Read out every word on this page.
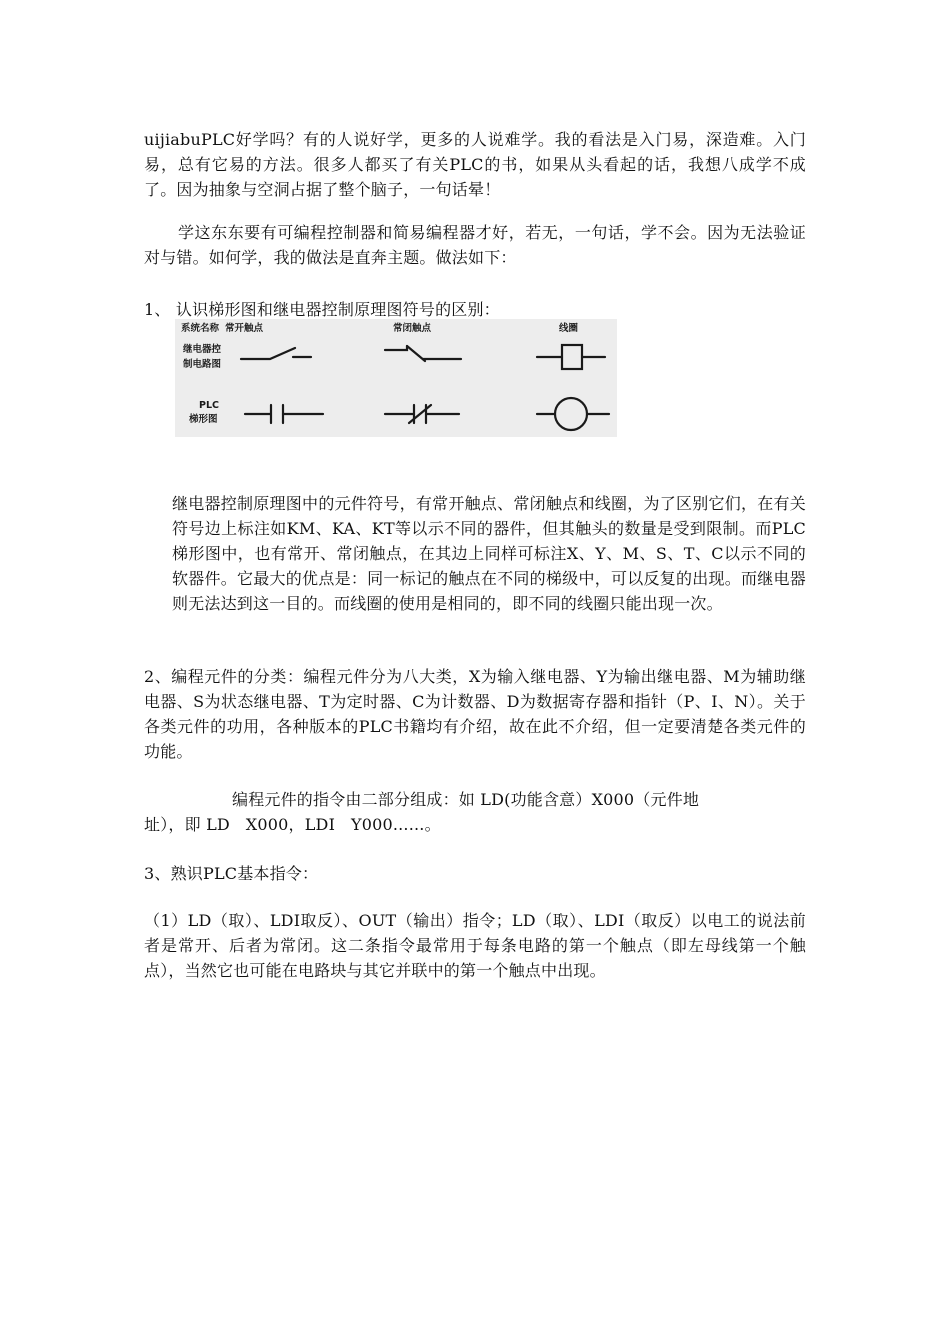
uijiabuPLC好学吗？有的人说好学，更多的人说难学。我的看法是入门易，深造难。入门易，总有它易的方法。很多人都买了有关PLC的书，如果从头看起的话，我想八成学不成了。因为抽象与空洞占据了整个脑子，一句话晕！

学这东东要有可编程控制器和简易编程器才好，若无，一句话，学不会。因为无法验证对与错。如何学，我的做法是直奔主题。做法如下：

1、 认识梯形图和继电器控制原理图符号的区别：

系统名称 常开触点	常闭触点	线圈
继电器控
制电路图
PLC
梯形图

继电器控制原理图中的元件符号，有常开触点、常闭触点和线圈，为了区别它们，在有关符号边上标注如KM、KA、KT等以示不同的器件，但其触头的数量是受到限制。而PLC梯形图中，也有常开、常闭触点，在其边上同样可标注X、Y、M、S、T、C以示不同的软器件。它最大的优点是：同一标记的触点在不同的梯级中，可以反复的出现。而继电器则无法达到这一目的。而线圈的使用是相同的，即不同的线圈只能出现一次。

2、编程元件的分类：编程元件分为八大类，X为输入继电器、Y为输出继电器、M为辅助继电器、S为状态继电器、T为定时器、C为计数器、D为数据寄存器和指针（P、I、N）。关于各类元件的功用，各种版本的PLC书籍均有介绍，故在此不介绍，但一定要清楚各类元件的功能。

编程元件的指令由二部分组成：如 LD(功能含意）X000（元件地

址），即 LD   X000，LDI   Y000......。

3、熟识PLC基本指令：

（1）LD（取）、LDI取反）、OUT（输出）指令；LD（取）、LDI（取反）以电工的说法前者是常开、后者为常闭。这二条指令最常用于每条电路的第一个触点（即左母线第一个触点），当然它也可能在电路块与其它并联中的第一个触点中出现。
